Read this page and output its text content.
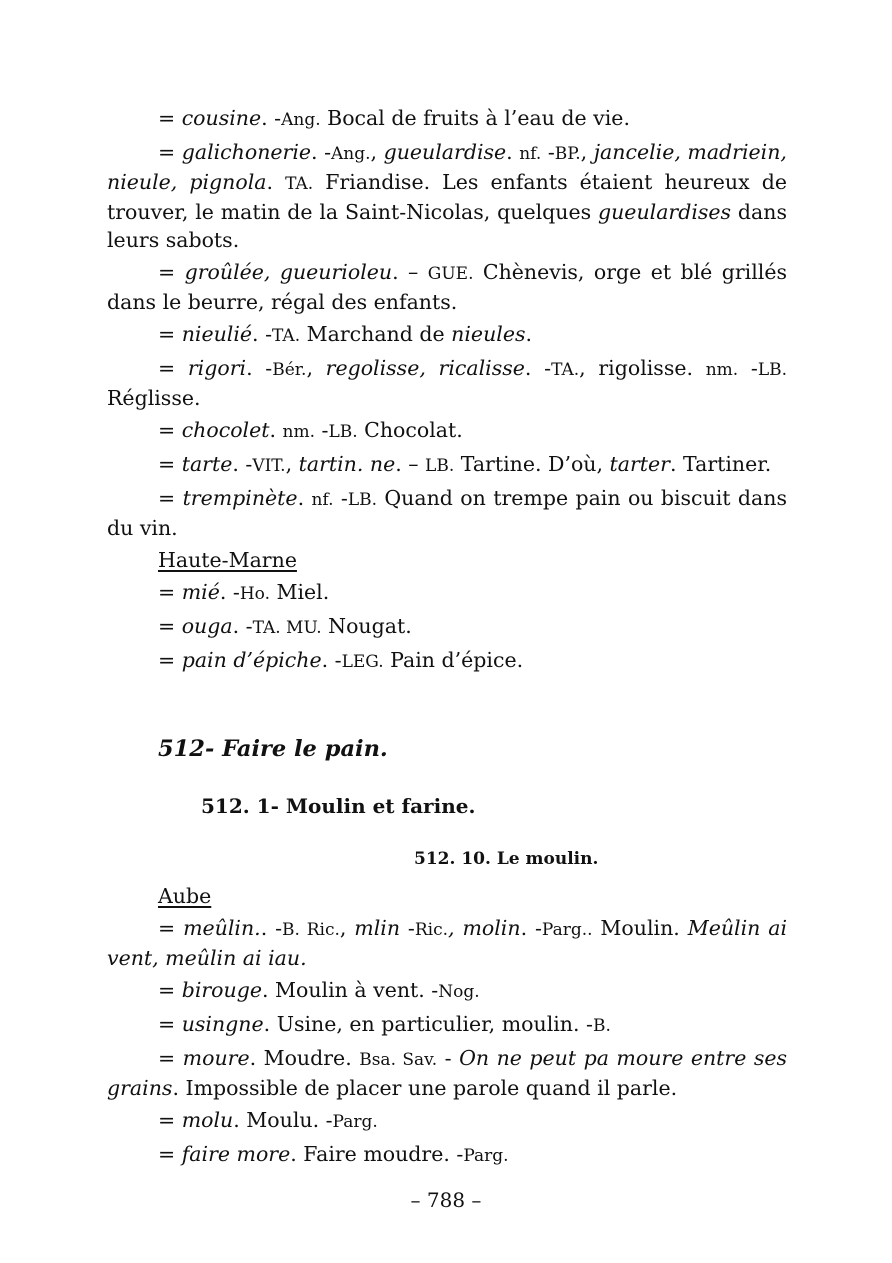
= cousine. -Ang. Bocal de fruits à l’eau de vie.

= galichonerie. -Ang., gueulardise. nf. -BP., jancelie, madriein, nieule, pignola. TA. Friandise. Les enfants étaient heureux de trouver, le matin de la Saint-Nicolas, quelques gueulardises dans leurs sabots.

= groûlée, gueurioleu. – GUE. Chènevis, orge et blé grillés dans le beurre, régal des enfants.

= nieulié. -TA. Marchand de nieules.

= rigori. -Bér., regolisse, ricalisse. -TA., rigolisse. nm. -LB. Réglisse.

= chocolet. nm. -LB. Chocolat.

= tarte. -VIT., tartin. ne. – LB. Tartine. D’où, tarter. Tartiner.

= trempinète. nf. -LB. Quand on trempe pain ou biscuit dans du vin.

Haute-Marne

= mié. -Ho. Miel.

= ouga. -TA. MU. Nougat.

= pain d’épiche. -LEG. Pain d’épice.

512- Faire le pain.
512. 1- Moulin et farine.
512. 10. Le moulin.
Aube

= meûlin.. -B. Ric., mlin -Ric., molin. -Parg.. Moulin. Meûlin ai vent, meûlin ai iau.

= birouge. Moulin à vent. -Nog.

= usingne. Usine, en particulier, moulin. -B.

= moure. Moudre. Bsa. Sav. - On ne peut pa moure entre ses grains. Impossible de placer une parole quand il parle.

= molu. Moulu. -Parg.

= faire more. Faire moudre. -Parg.

– 788 –
